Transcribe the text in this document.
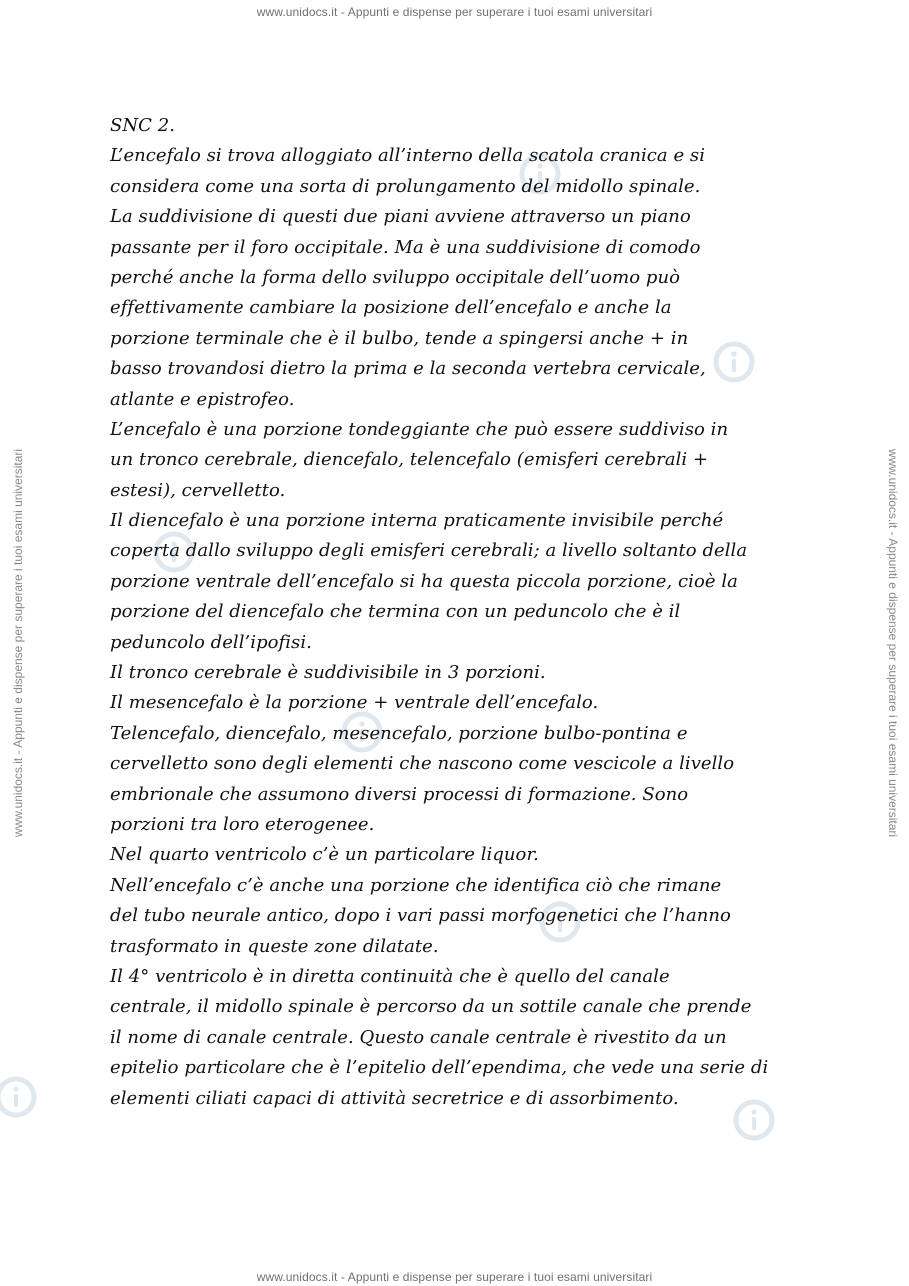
www.unidocs.it - Appunti e dispense per superare i tuoi esami universitari
www.unidocs.it - Appunti e dispense per superare i tuoi esami universitari
www.unidocs.it - Appunti e dispense per superare i tuoi esami universitari	www.unidocs.it - Appunti e dispense per superare i tuoi esami universitari
SNC 2.
L’encefalo si trova alloggiato all’interno della scatola cranica e si
considera come una sorta di prolungamento del midollo spinale.
La suddivisione di questi due piani avviene attraverso un piano
passante per il foro occipitale. Ma è una suddivisione di comodo
perché anche la forma dello sviluppo occipitale dell’uomo può
effettivamente cambiare la posizione dell’encefalo e anche la
porzione terminale che è il bulbo, tende a spingersi anche + in
basso trovandosi dietro la prima e la seconda vertebra cervicale,
atlante e epistrofeo.
L’encefalo è una porzione tondeggiante che può essere suddiviso in
un tronco cerebrale, diencefalo, telencefalo (emisferi cerebrali +
estesi), cervelletto.
Il diencefalo è una porzione interna praticamente invisibile perché
coperta dallo sviluppo degli emisferi cerebrali; a livello soltanto della
porzione ventrale dell’encefalo si ha questa piccola porzione, cioè la
porzione del diencefalo che termina con un peduncolo che è il
peduncolo dell’ipofisi.
Il tronco cerebrale è suddivisibile in 3 porzioni.
Il mesencefalo è la porzione + ventrale dell’encefalo.
Telencefalo, diencefalo, mesencefalo, porzione bulbo-pontina e
cervelletto sono degli elementi che nascono come vescicole a livello
embrionale che assumono diversi processi di formazione. Sono
porzioni tra loro eterogenee.
Nel quarto ventricolo c’è un particolare liquor.
Nell’encefalo c’è anche una porzione che identifica ciò che rimane
del tubo neurale antico, dopo i vari passi morfogenetici che l’hanno
trasformato in queste zone dilatate.
Il 4° ventricolo è in diretta continuità che è quello del canale
centrale, il midollo spinale è percorso da un sottile canale che prende
il nome di canale centrale. Questo canale centrale è rivestito da un
epitelio particolare che è l’epitelio dell’ependima, che vede una serie di
elementi ciliati capaci di attività secretrice e di assorbimento.
